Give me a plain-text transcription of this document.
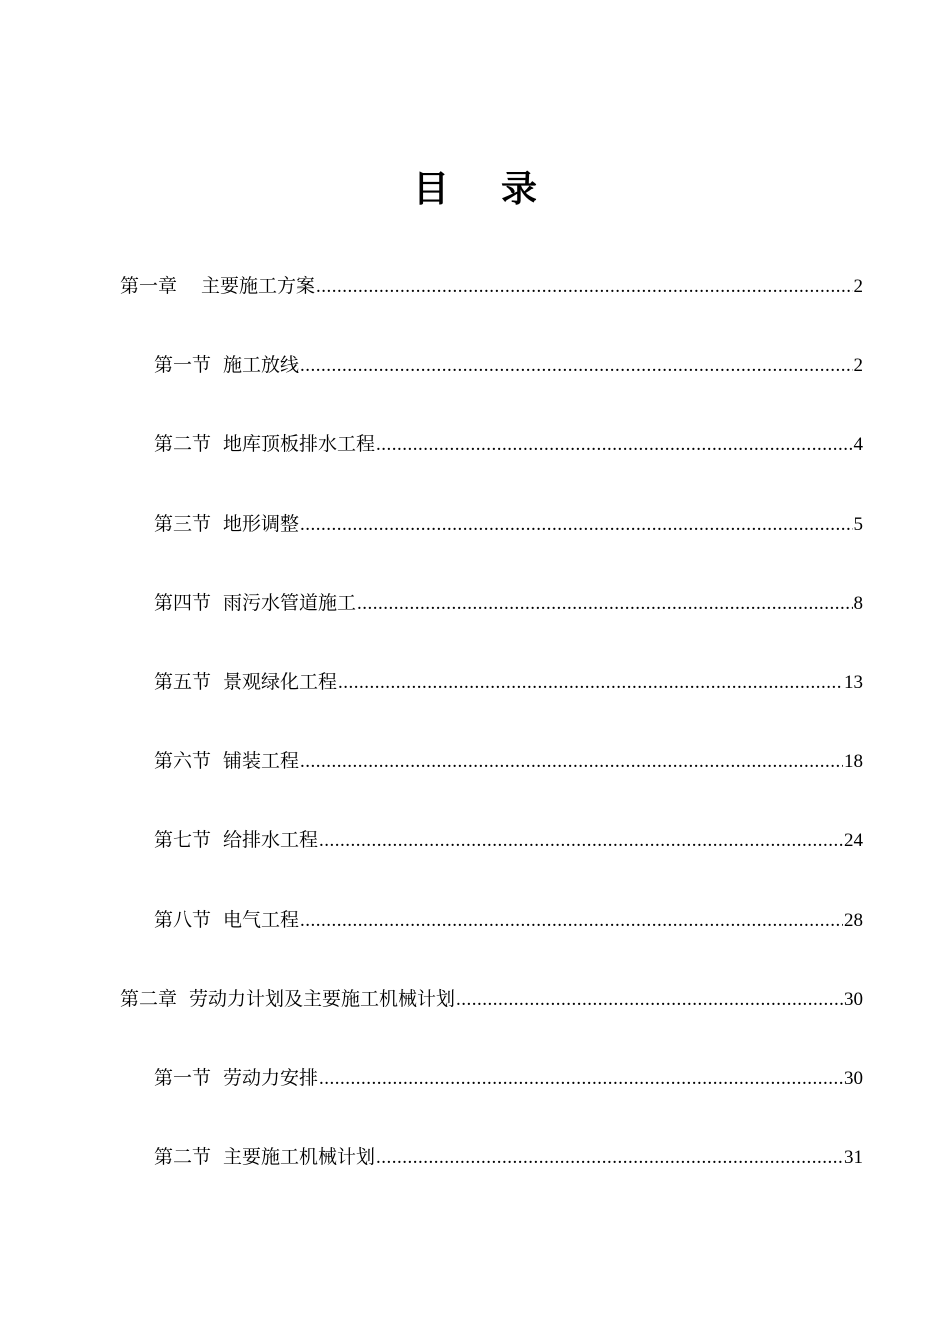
目录
第一章 主要施工方案 .....	2
第一节 施工放线 .....	2
第二节 地库顶板排水工程 .....	4
第三节 地形调整 .....	5
第四节 雨污水管道施工 .....	8
第五节 景观绿化工程 .....	13
第六节 铺装工程 .....	18
第七节 给排水工程 .....	24
第八节 电气工程 .....	28
第二章 劳动力计划及主要施工机械计划 .....	30
第一节 劳动力安排 .....	30
第二节 主要施工机械计划 .....	31
